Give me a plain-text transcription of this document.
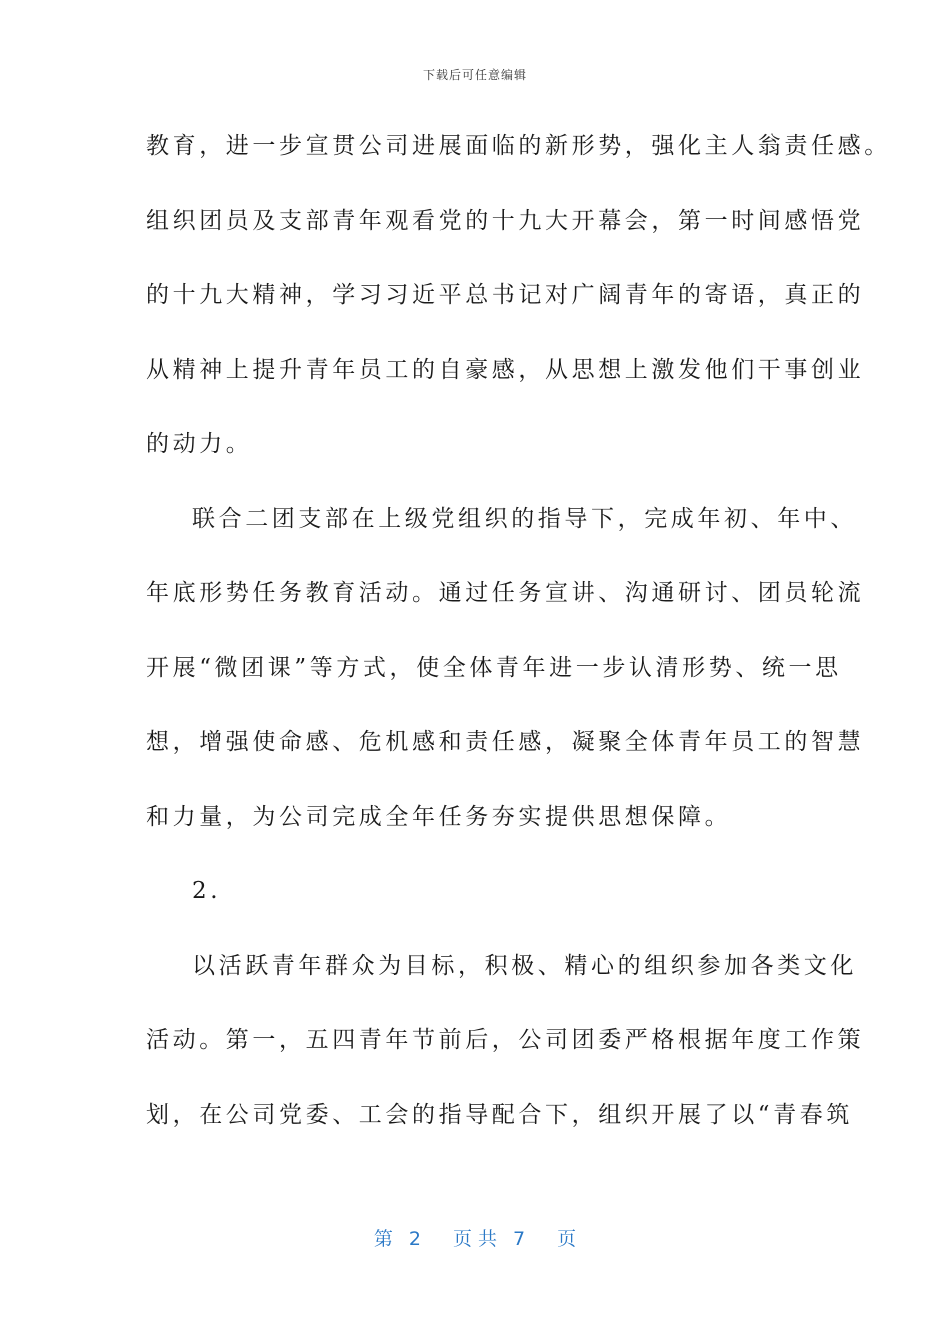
下载后可任意编辑
教育，进一步宣贯公司进展面临的新形势，强化主人翁责任感。
组织团员及支部青年观看党的十九大开幕会，第一时间感悟党
的十九大精神，学习习近平总书记对广阔青年的寄语，真正的
从精神上提升青年员工的自豪感，从思想上激发他们干事创业
的动力。
联合二团支部在上级党组织的指导下，完成年初、年中、
年底形势任务教育活动。通过任务宣讲、沟通研讨、团员轮流
开展“微团课”等方式，使全体青年进一步认清形势、统一思
想，增强使命感、危机感和责任感，凝聚全体青年员工的智慧
和力量，为公司完成全年任务夯实提供思想保障。
2.
以活跃青年群众为目标，积极、精心的组织参加各类文化
活动。第一，五四青年节前后，公司团委严格根据年度工作策
划，在公司党委、工会的指导配合下，组织开展了以“青春筑
第 2 页 共 7 页
